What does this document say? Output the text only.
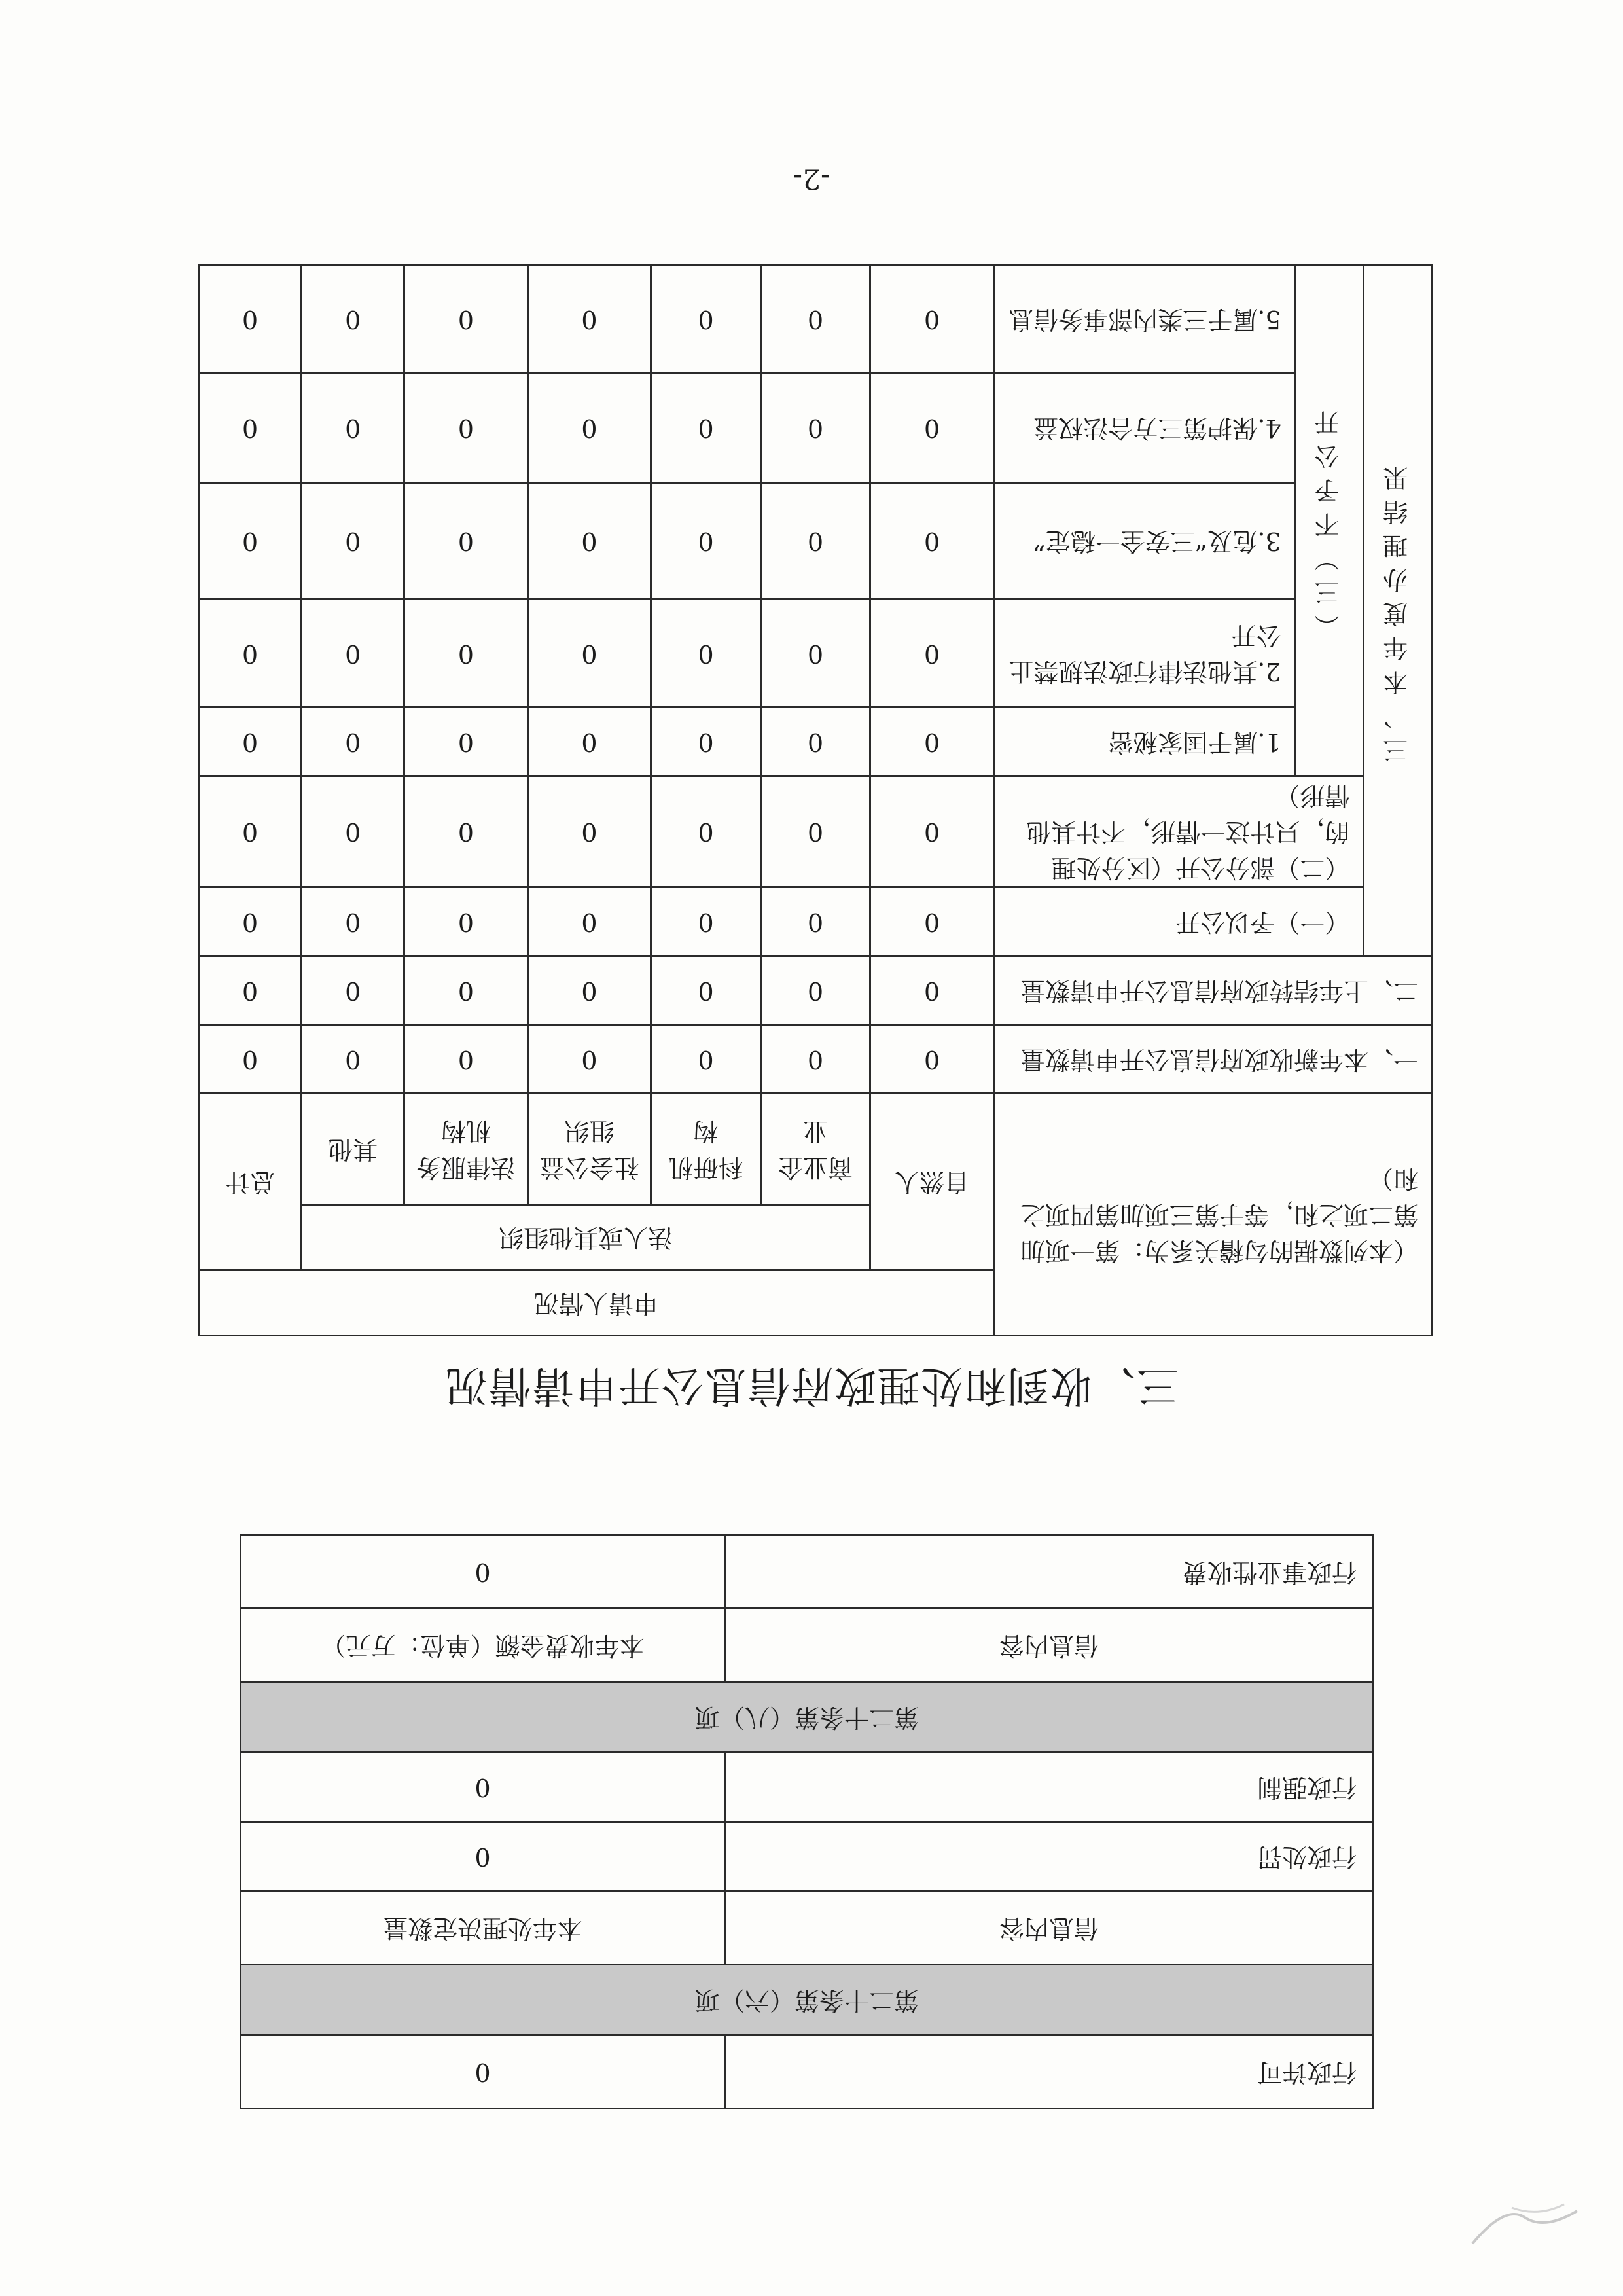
行政许可	0
第二十条第（六）项	
信息内容	本年处理决定数量
行政处罚	0
行政强制	0
第二十条第（八）项	
信息内容	本年收费金额（单位：万元）
行政事业性收费	0
三、收到和处理政府信息公开申请情况
（本列数据的勾稽关系为：第一项加第二项之和，等于第三项加第四项之和）			申请人情况						
			自然人	法人或其他组织					总计
				商业企业	科研机构	社会公益组织	法律服务机构	其他	
一、本年新收政府信息公开申请数量			0	0	0	0	0	0	0
二、上年结转政府信息公开申请数量			0	0	0	0	0	0	0
三、本年度办理结果	（一）予以公开		0	0	0	0	0	0	0
	（二）部分公开（区分处理的，只计这一情形，不计其他情形）		0	0	0	0	0	0	0
	（三）不予公开	1.属于国家秘密	0	0	0	0	0	0	0
		2.其他法律行政法规禁止公开	0	0	0	0	0	0	0
		3.危及“三安全一稳定”	0	0	0	0	0	0	0
		4.保护第三方合法权益	0	0	0	0	0	0	0
		5.属于三类内部事务信息	0	0	0	0	0	0	0
-2-
